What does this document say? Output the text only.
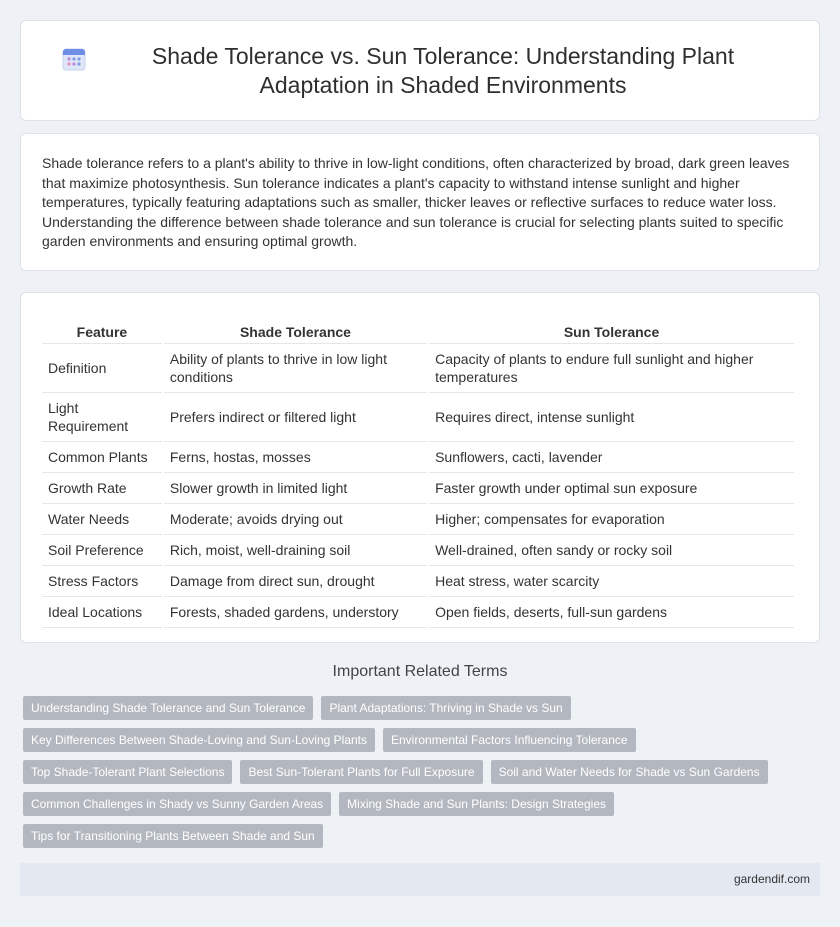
Shade Tolerance vs. Sun Tolerance: Understanding Plant Adaptation in Shaded Environments

Shade tolerance refers to a plant's ability to thrive in low-light conditions, often characterized by broad, dark green leaves that maximize photosynthesis. Sun tolerance indicates a plant's capacity to withstand intense sunlight and higher temperatures, typically featuring adaptations such as smaller, thicker leaves or reflective surfaces to reduce water loss. Understanding the difference between shade tolerance and sun tolerance is crucial for selecting plants suited to specific garden environments and ensuring optimal growth.

Feature	Shade Tolerance	Sun Tolerance
Definition	Ability of plants to thrive in low light conditions	Capacity of plants to endure full sunlight and higher temperatures
Light Requirement	Prefers indirect or filtered light	Requires direct, intense sunlight
Common Plants	Ferns, hostas, mosses	Sunflowers, cacti, lavender
Growth Rate	Slower growth in limited light	Faster growth under optimal sun exposure
Water Needs	Moderate; avoids drying out	Higher; compensates for evaporation
Soil Preference	Rich, moist, well-draining soil	Well-drained, often sandy or rocky soil
Stress Factors	Damage from direct sun, drought	Heat stress, water scarcity
Ideal Locations	Forests, shaded gardens, understory	Open fields, deserts, full-sun gardens
Important Related Terms
Understanding Shade Tolerance and Sun Tolerance	Plant Adaptations: Thriving in Shade vs Sun
Key Differences Between Shade-Loving and Sun-Loving Plants	Environmental Factors Influencing Tolerance
Top Shade-Tolerant Plant Selections	Best Sun-Tolerant Plants for Full Exposure	Soil and Water Needs for Shade vs Sun Gardens
Common Challenges in Shady vs Sunny Garden Areas	Mixing Shade and Sun Plants: Design Strategies
Tips for Transitioning Plants Between Shade and Sun
gardendif.com
